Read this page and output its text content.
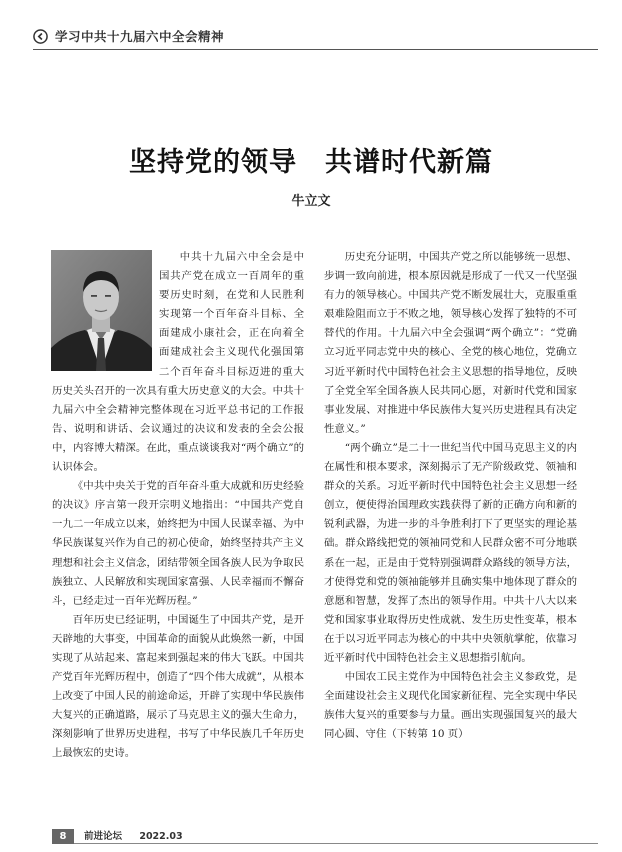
学习中共十九届六中全会精神
坚持党的领导　共谱时代新篇
牛立文

中共十九届六中全会是中国共产党在成立一百周年的重要历史时刻，在党和人民胜利实现第一个百年奋斗目标、全面建成小康社会，正在向着全面建成社会主义现代化强国第二个百年奋斗目标迈进的重大历史关头召开的一次具有重大历史意义的大会。中共十九届六中全会精神完整体现在习近平总书记的工作报告、说明和讲话、会议通过的决议和发表的全会公报中，内容博大精深。在此，重点谈谈我对“两个确立”的认识体会。

《中共中央关于党的百年奋斗重大成就和历史经验的决议》序言第一段开宗明义地指出：“中国共产党自一九二一年成立以来，始终把为中国人民谋幸福、为中华民族谋复兴作为自己的初心使命，始终坚持共产主义理想和社会主义信念，团结带领全国各族人民为争取民族独立、人民解放和实现国家富强、人民幸福而不懈奋斗，已经走过一百年光辉历程。”

百年历史已经证明，中国诞生了中国共产党，是开天辟地的大事变，中国革命的面貌从此焕然一新，中国实现了从站起来、富起来到强起来的伟大飞跃。中国共产党百年光辉历程中，创造了“四个伟大成就”，从根本上改变了中国人民的前途命运，开辟了实现中华民族伟大复兴的正确道路，展示了马克思主义的强大生命力，深刻影响了世界历史进程，书写了中华民族几千年历史上最恢宏的史诗。

历史充分证明，中国共产党之所以能够统一思想、步调一致向前进，根本原因就是形成了一代又一代坚强有力的领导核心。中国共产党不断发展壮大，克服重重艰难险阻而立于不败之地，领导核心发挥了独特的不可替代的作用。十九届六中全会强调“两个确立”：“党确立习近平同志党中央的核心、全党的核心地位，党确立习近平新时代中国特色社会主义思想的指导地位，反映了全党全军全国各族人民共同心愿，对新时代党和国家事业发展、对推进中华民族伟大复兴历史进程具有决定性意义。”

“两个确立”是二十一世纪当代中国马克思主义的内在属性和根本要求，深刻揭示了无产阶级政党、领袖和群众的关系。习近平新时代中国特色社会主义思想一经创立，便使得治国理政实践获得了新的正确方向和新的锐利武器，为进一步的斗争胜利打下了更坚实的理论基础。群众路线把党的领袖同党和人民群众密不可分地联系在一起，正是由于党特别强调群众路线的领导方法，才使得党和党的领袖能够并且确实集中地体现了群众的意愿和智慧，发挥了杰出的领导作用。中共十八大以来党和国家事业取得历史性成就、发生历史性变革，根本在于以习近平同志为核心的中共中央领航掌舵，依靠习近平新时代中国特色社会主义思想指引航向。

中国农工民主党作为中国特色社会主义参政党，是全面建设社会主义现代化国家新征程、完全实现中华民族伟大复兴的重要参与力量。画出实现强国复兴的最大同心圆、守住（下转第 10 页）

8	前进论坛 2022.03
